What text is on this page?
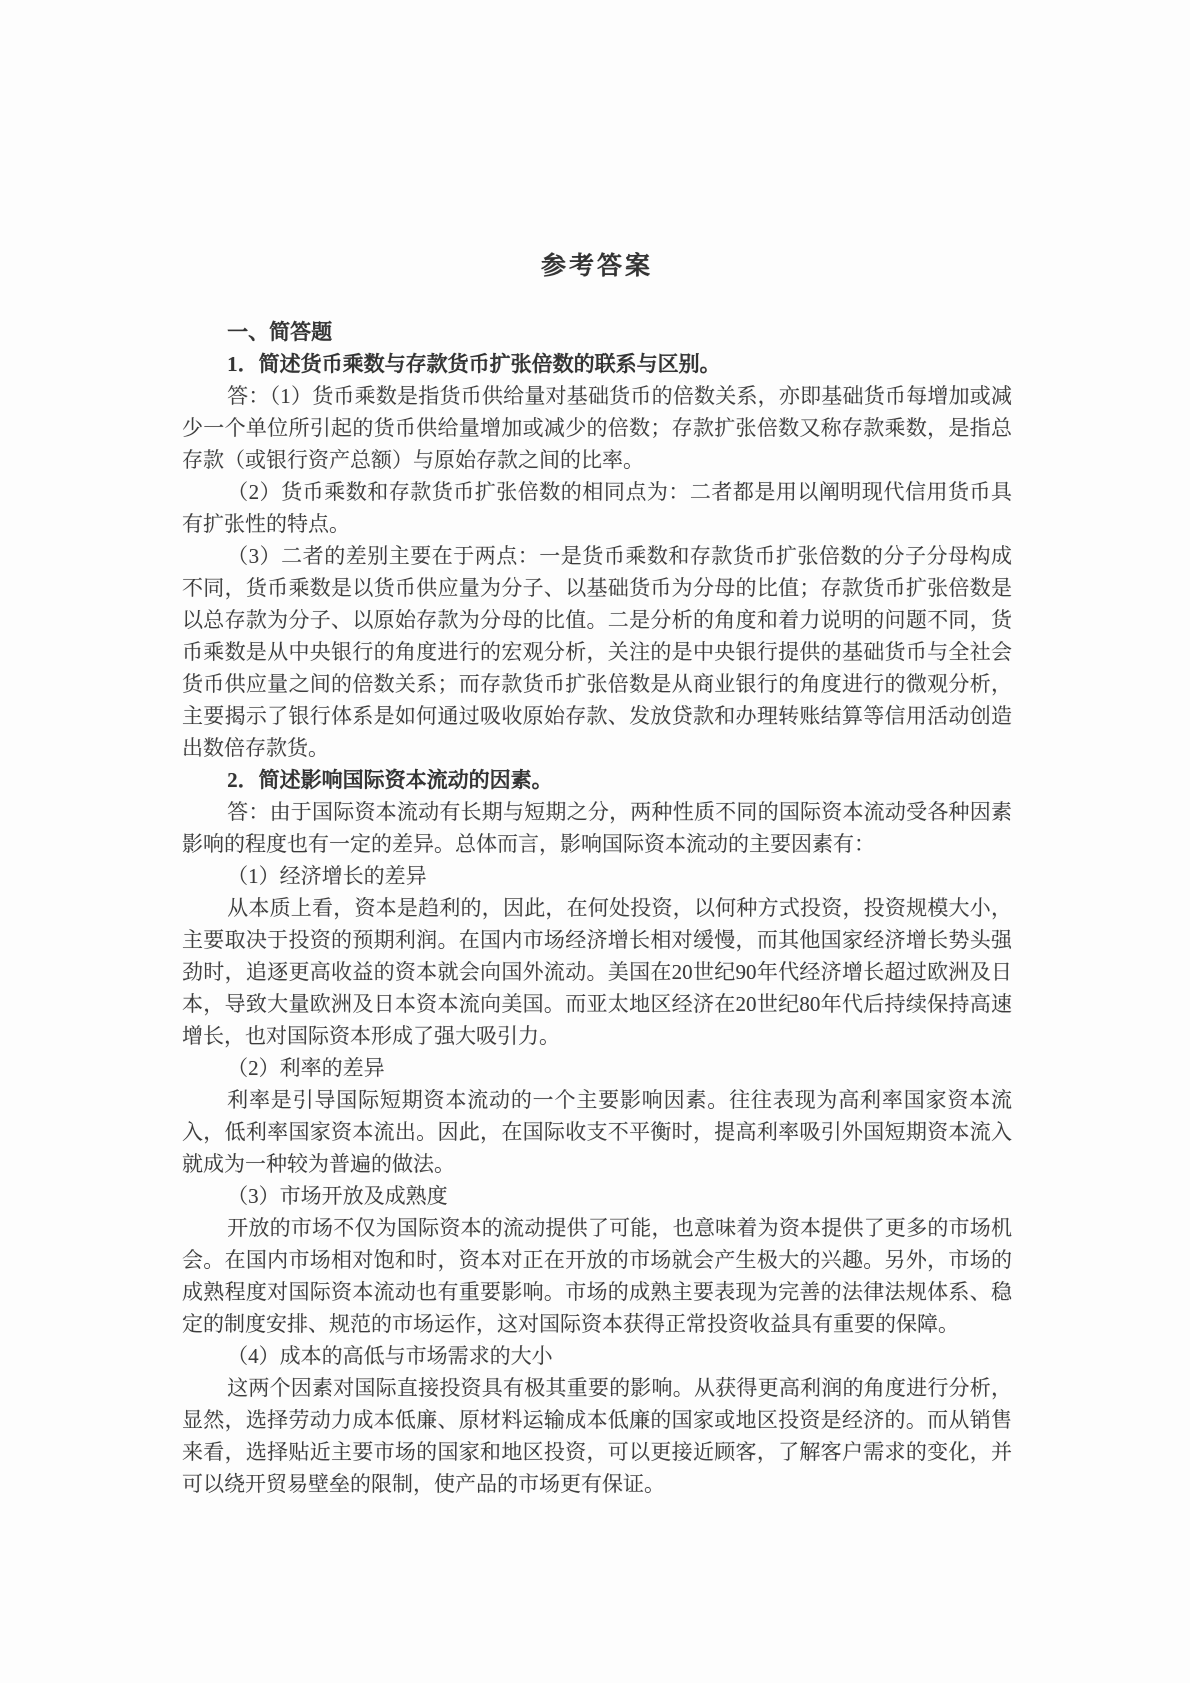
参考答案

一、简答题

1．简述货币乘数与存款货币扩张倍数的联系与区别。

答：（1）货币乘数是指货币供给量对基础货币的倍数关系，亦即基础货币每增加或减少一个单位所引起的货币供给量增加或减少的倍数；存款扩张倍数又称存款乘数，是指总存款（或银行资产总额）与原始存款之间的比率。

（2）货币乘数和存款货币扩张倍数的相同点为：二者都是用以阐明现代信用货币具有扩张性的特点。

（3）二者的差别主要在于两点：一是货币乘数和存款货币扩张倍数的分子分母构成不同，货币乘数是以货币供应量为分子、以基础货币为分母的比值；存款货币扩张倍数是以总存款为分子、以原始存款为分母的比值。二是分析的角度和着力说明的问题不同，货币乘数是从中央银行的角度进行的宏观分析，关注的是中央银行提供的基础货币与全社会货币供应量之间的倍数关系；而存款货币扩张倍数是从商业银行的角度进行的微观分析，主要揭示了银行体系是如何通过吸收原始存款、发放贷款和办理转账结算等信用活动创造出数倍存款货。

2．简述影响国际资本流动的因素。

答：由于国际资本流动有长期与短期之分，两种性质不同的国际资本流动受各种因素影响的程度也有一定的差异。总体而言，影响国际资本流动的主要因素有：

（1）经济增长的差异

从本质上看，资本是趋利的，因此，在何处投资，以何种方式投资，投资规模大小，主要取决于投资的预期利润。在国内市场经济增长相对缓慢，而其他国家经济增长势头强劲时，追逐更高收益的资本就会向国外流动。美国在20世纪90年代经济增长超过欧洲及日本，导致大量欧洲及日本资本流向美国。而亚太地区经济在20世纪80年代后持续保持高速增长，也对国际资本形成了强大吸引力。

（2）利率的差异

利率是引导国际短期资本流动的一个主要影响因素。往往表现为高利率国家资本流入，低利率国家资本流出。因此，在国际收支不平衡时，提高利率吸引外国短期资本流入就成为一种较为普遍的做法。

（3）市场开放及成熟度

开放的市场不仅为国际资本的流动提供了可能，也意味着为资本提供了更多的市场机会。在国内市场相对饱和时，资本对正在开放的市场就会产生极大的兴趣。另外，市场的成熟程度对国际资本流动也有重要影响。市场的成熟主要表现为完善的法律法规体系、稳定的制度安排、规范的市场运作，这对国际资本获得正常投资收益具有重要的保障。

（4）成本的高低与市场需求的大小

这两个因素对国际直接投资具有极其重要的影响。从获得更高利润的角度进行分析，显然，选择劳动力成本低廉、原材料运输成本低廉的国家或地区投资是经济的。而从销售来看，选择贴近主要市场的国家和地区投资，可以更接近顾客，了解客户需求的变化，并可以绕开贸易壁垒的限制，使产品的市场更有保证。
